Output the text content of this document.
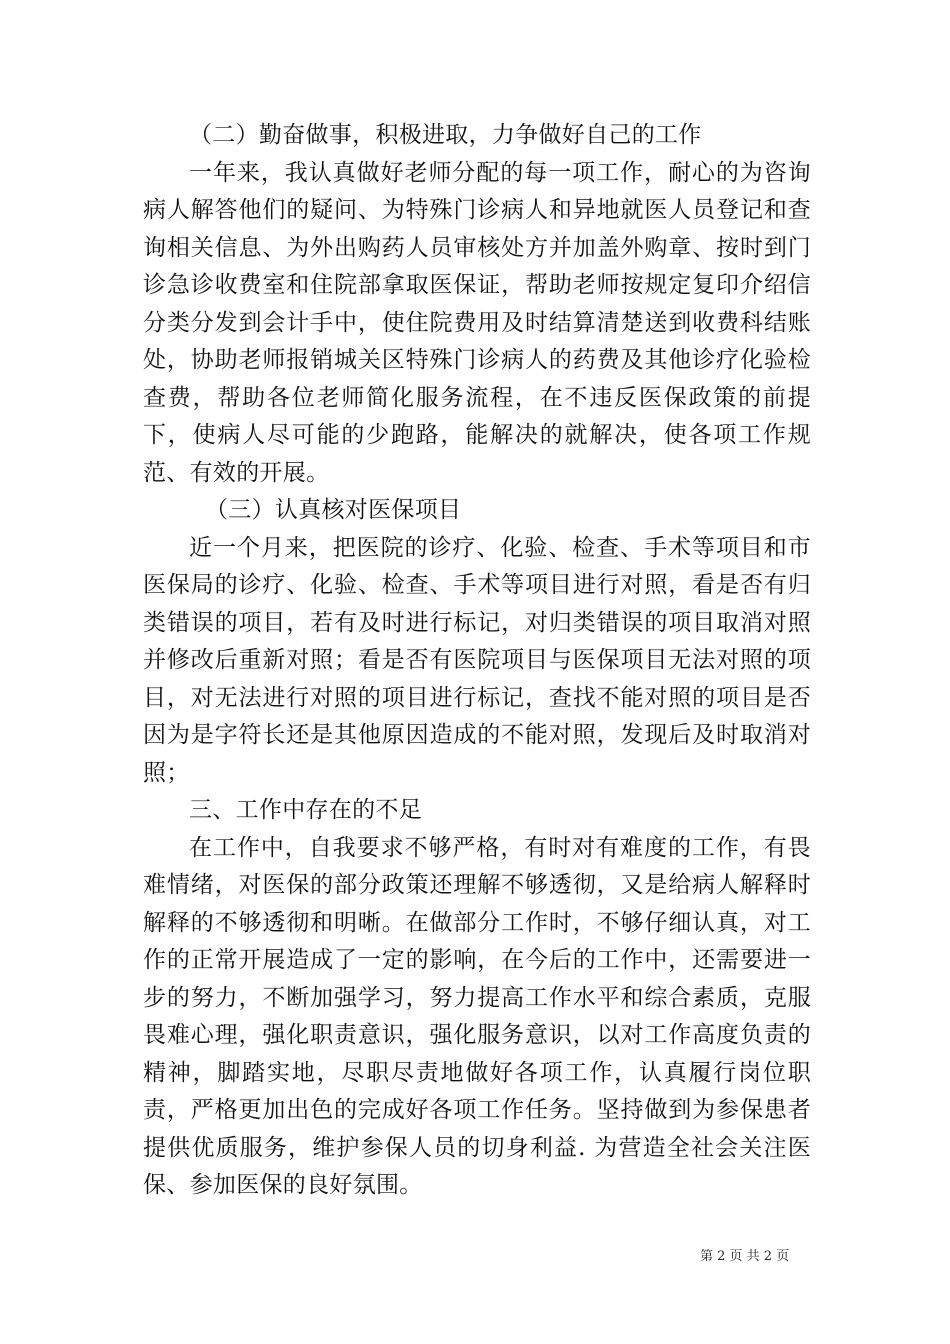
（二）勤奋做事，积极进取，力争做好自己的工作

一年来，我认真做好老师分配的每一项工作，耐心的为咨询病人解答他们的疑问、为特殊门诊病人和异地就医人员登记和查询相关信息、为外出购药人员审核处方并加盖外购章、按时到门诊急诊收费室和住院部拿取医保证，帮助老师按规定复印介绍信分类分发到会计手中，使住院费用及时结算清楚送到收费科结账处，协助老师报销城关区特殊门诊病人的药费及其他诊疗化验检查费，帮助各位老师简化服务流程，在不违反医保政策的前提下，使病人尽可能的少跑路，能解决的就解决，使各项工作规范、有效的开展。

（三）认真核对医保项目

近一个月来，把医院的诊疗、化验、检查、手术等项目和市医保局的诊疗、化验、检查、手术等项目进行对照，看是否有归类错误的项目，若有及时进行标记，对归类错误的项目取消对照并修改后重新对照；看是否有医院项目与医保项目无法对照的项目，对无法进行对照的项目进行标记，查找不能对照的项目是否因为是字符长还是其他原因造成的不能对照，发现后及时取消对照；

三、工作中存在的不足

在工作中，自我要求不够严格，有时对有难度的工作，有畏难情绪，对医保的部分政策还理解不够透彻，又是给病人解释时解释的不够透彻和明晰。在做部分工作时，不够仔细认真，对工作的正常开展造成了一定的影响，在今后的工作中，还需要进一步的努力，不断加强学习，努力提高工作水平和综合素质，克服畏难心理，强化职责意识，强化服务意识，以对工作高度负责的精神，脚踏实地，尽职尽责地做好各项工作，认真履行岗位职责，严格更加出色的完成好各项工作任务。坚持做到为参保患者提供优质服务，维护参保人员的切身利益. 为营造全社会关注医保、参加医保的良好氛围。

第 2 页 共 2 页
